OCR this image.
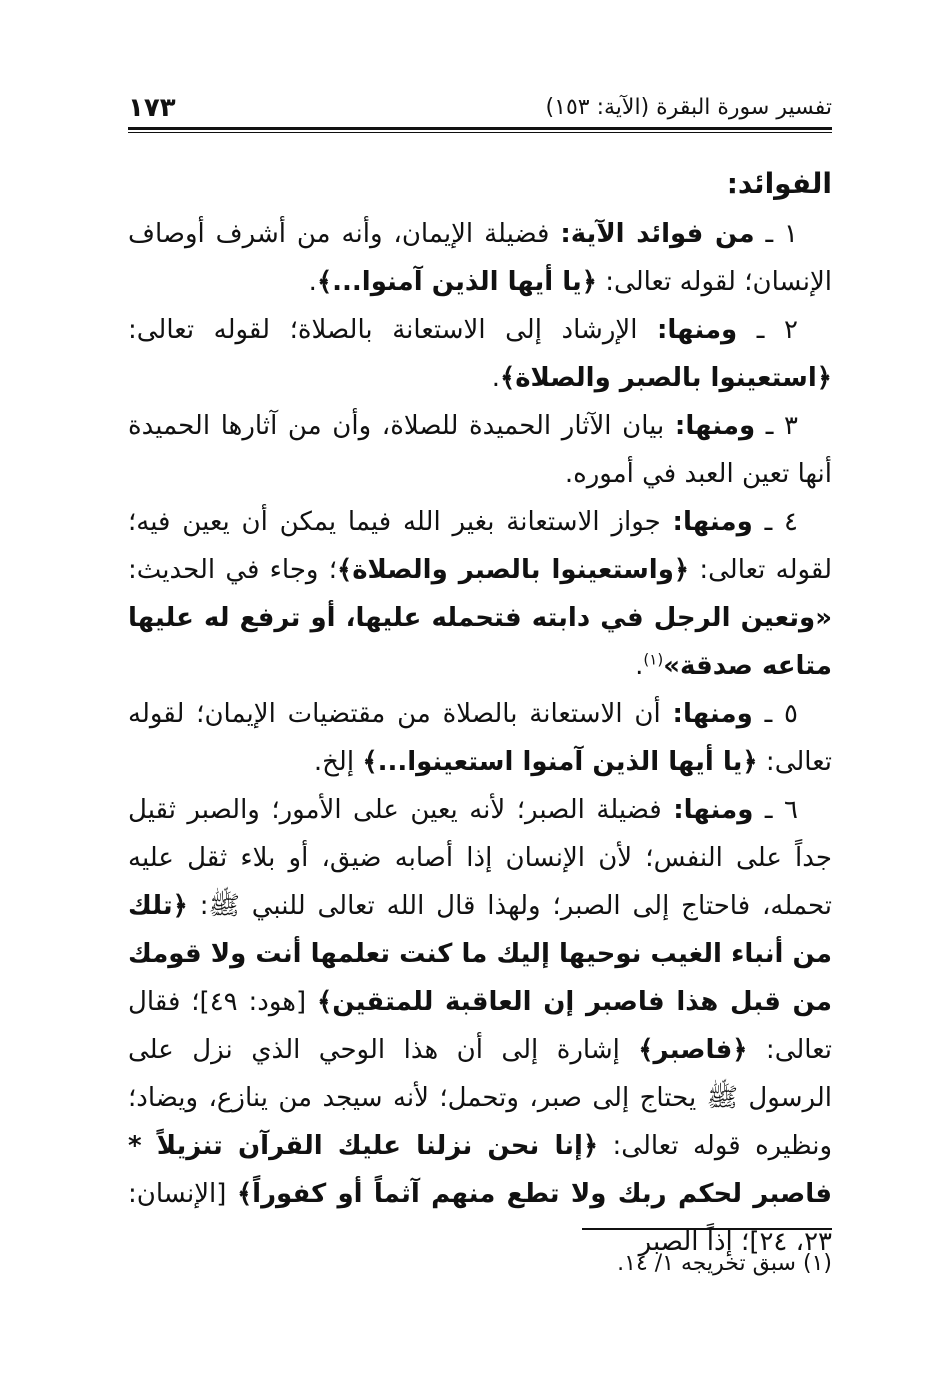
تفسير سورة البقرة (الآية: ١٥٣)
١٧٣

الفوائد:

١ ـ من فوائد الآية: فضيلة الإيمان، وأنه من أشرف أوصاف الإنسان؛ لقوله تعالى: ﴿يا أيها الذين آمنوا...﴾.

٢ ـ ومنها: الإرشاد إلى الاستعانة بالصلاة؛ لقوله تعالى: ﴿استعينوا بالصبر والصلاة﴾.

٣ ـ ومنها: بيان الآثار الحميدة للصلاة، وأن من آثارها الحميدة أنها تعين العبد في أموره.

٤ ـ ومنها: جواز الاستعانة بغير الله فيما يمكن أن يعين فيه؛ لقوله تعالى: ﴿واستعينوا بالصبر والصلاة﴾؛ وجاء في الحديث: «وتعين الرجل في دابته فتحمله عليها، أو ترفع له عليها متاعه صدقة»$^{(١)}$.

٥ ـ ومنها: أن الاستعانة بالصلاة من مقتضيات الإيمان؛ لقوله تعالى: ﴿يا أيها الذين آمنوا استعينوا...﴾ إلخ.

٦ ـ ومنها: فضيلة الصبر؛ لأنه يعين على الأمور؛ والصبر ثقيل جداً على النفس؛ لأن الإنسان إذا أصابه ضيق، أو بلاء ثقل عليه تحمله، فاحتاج إلى الصبر؛ ولهذا قال الله تعالى للنبي ﷺ: ﴿تلك من أنباء الغيب نوحيها إليك ما كنت تعلمها أنت ولا قومك من قبل هذا فاصبر إن العاقبة للمتقين﴾ [هود: ٤٩]؛ فقال تعالى: ﴿فاصبر﴾ إشارة إلى أن هذا الوحي الذي نزل على الرسول ﷺ يحتاج إلى صبر، وتحمل؛ لأنه سيجد من ينازع، ويضاد؛ ونظيره قوله تعالى: ﴿إنا نحن نزلنا عليك القرآن تنزيلاً * فاصبر لحكم ربك ولا تطع منهم آثماً أو كفوراً﴾ [الإنسان: ٢٣، ٢٤]؛ إذاً الصبر

(١) سبق تخريجه ١/ ١٤.
